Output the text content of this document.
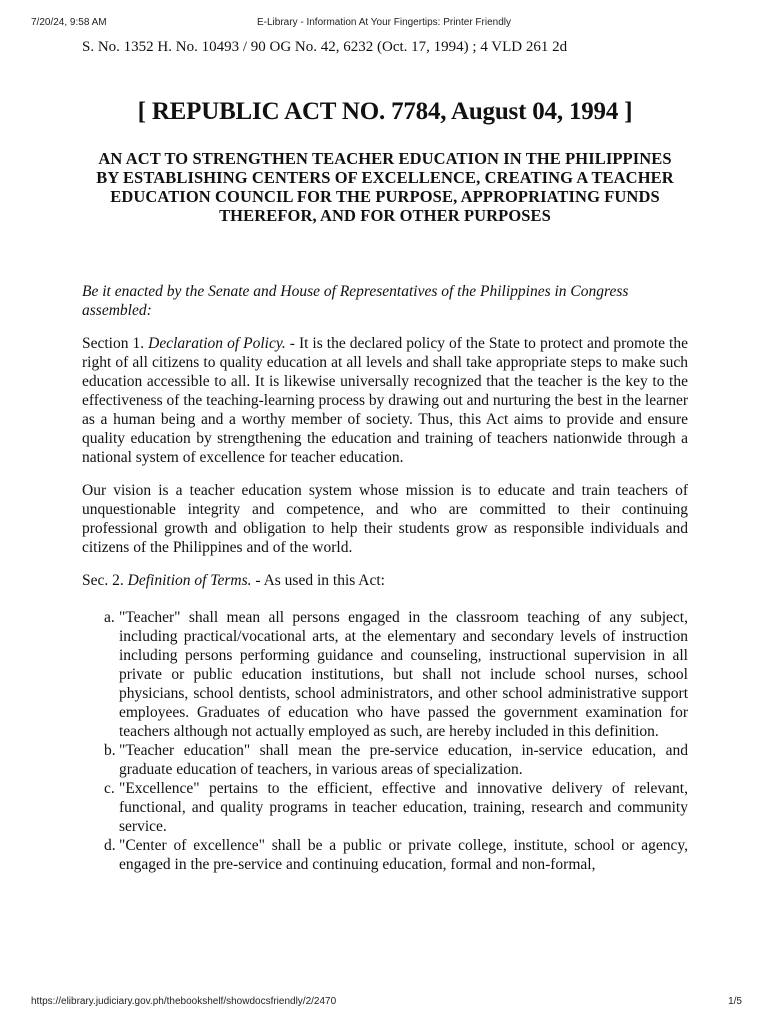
7/20/24, 9:58 AM	E-Library - Information At Your Fingertips: Printer Friendly

S. No. 1352 H. No. 10493 / 90 OG No. 42, 6232 (Oct. 17, 1994) ; 4 VLD 261 2d

[ REPUBLIC ACT NO. 7784, August 04, 1994 ]
AN ACT TO STRENGTHEN TEACHER EDUCATION IN THE PHILIPPINES BY ESTABLISHING CENTERS OF EXCELLENCE, CREATING A TEACHER EDUCATION COUNCIL FOR THE PURPOSE, APPROPRIATING FUNDS THEREFOR, AND FOR OTHER PURPOSES

Be it enacted by the Senate and House of Representatives of the Philippines in Congress assembled:

Section 1. Declaration of Policy. - It is the declared policy of the State to protect and promote the right of all citizens to quality education at all levels and shall take appropriate steps to make such education accessible to all. It is likewise universally recognized that the teacher is the key to the effectiveness of the teaching-learning process by drawing out and nurturing the best in the learner as a human being and a worthy member of society. Thus, this Act aims to provide and ensure quality education by strengthening the education and training of teachers nationwide through a national system of excellence for teacher education.

Our vision is a teacher education system whose mission is to educate and train teachers of unquestionable integrity and competence, and who are committed to their continuing professional growth and obligation to help their students grow as responsible individuals and citizens of the Philippines and of the world.

Sec. 2. Definition of Terms. - As used in this Act:

a. "Teacher" shall mean all persons engaged in the classroom teaching of any subject, including practical/vocational arts, at the elementary and secondary levels of instruction including persons performing guidance and counseling, instructional supervision in all private or public education institutions, but shall not include school nurses, school physicians, school dentists, school administrators, and other school administrative support employees. Graduates of education who have passed the government examination for teachers although not actually employed as such, are hereby included in this definition.
b. "Teacher education" shall mean the pre-service education, in-service education, and graduate education of teachers, in various areas of specialization.
c. "Excellence" pertains to the efficient, effective and innovative delivery of relevant, functional, and quality programs in teacher education, training, research and community service.
d. "Center of excellence" shall be a public or private college, institute, school or agency, engaged in the pre-service and continuing education, formal and non-formal,
https://elibrary.judiciary.gov.ph/thebookshelf/showdocsfriendly/2/2470	1/5
